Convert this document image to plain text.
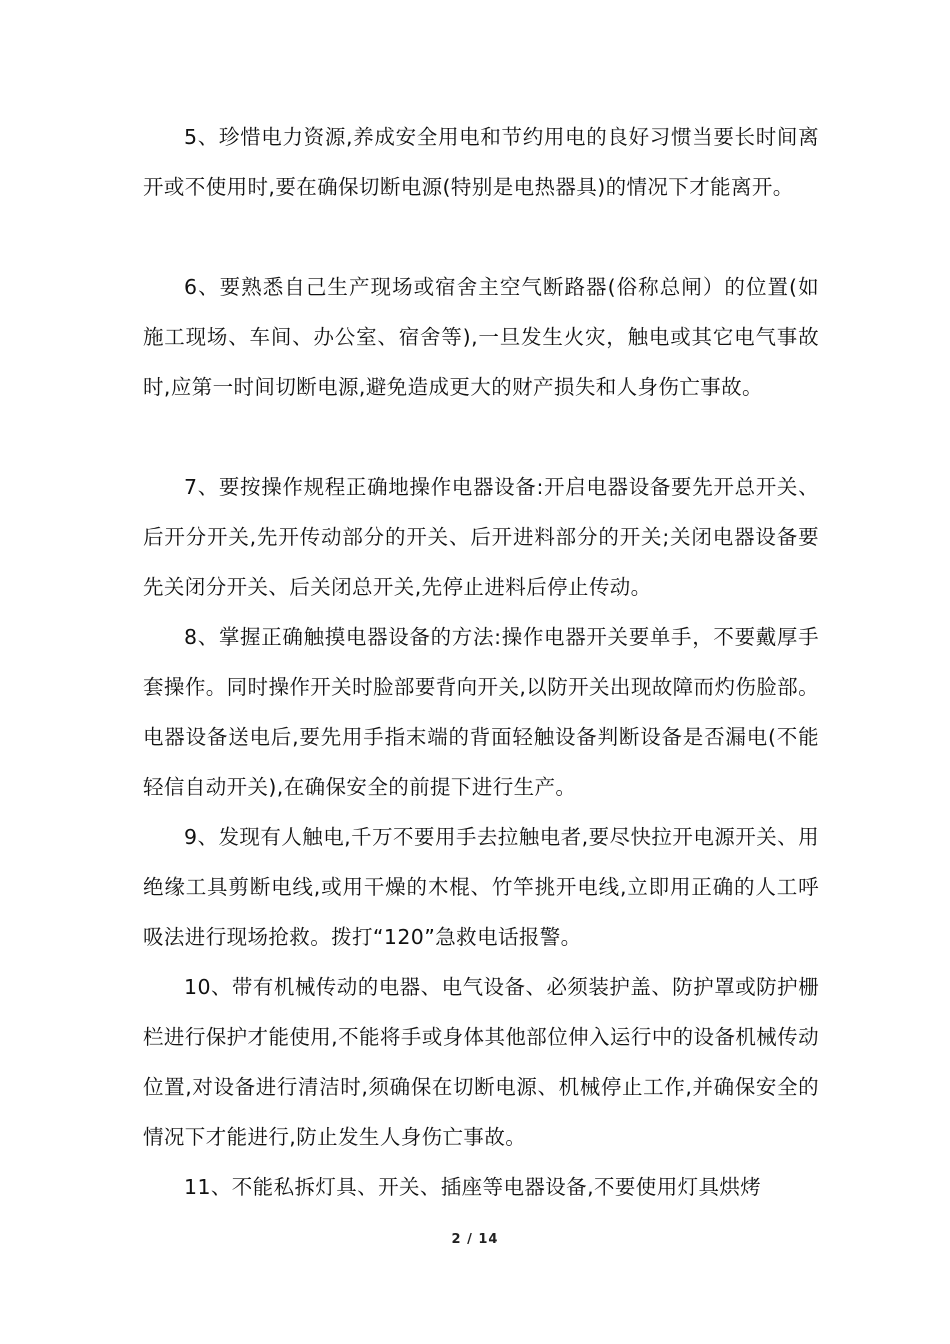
5、珍惜电力资源,养成安全用电和节约用电的良好习惯当要长时间离开或不使用时,要在确保切断电源(特别是电热器具)的情况下才能离开。

6、要熟悉自己生产现场或宿舍主空气断路器(俗称总闸）的位置(如施工现场、车间、办公室、宿舍等),一旦发生火灾，触电或其它电气事故时,应第一时间切断电源,避免造成更大的财产损失和人身伤亡事故。

7、要按操作规程正确地操作电器设备:开启电器设备要先开总开关、后开分开关,先开传动部分的开关、后开进料部分的开关;关闭电器设备要先关闭分开关、后关闭总开关,先停止进料后停止传动。

8、掌握正确触摸电器设备的方法:操作电器开关要单手，不要戴厚手套操作。同时操作开关时脸部要背向开关,以防开关出现故障而灼伤脸部。电器设备送电后,要先用手指末端的背面轻触设备判断设备是否漏电(不能轻信自动开关),在确保安全的前提下进行生产。

9、发现有人触电,千万不要用手去拉触电者,要尽快拉开电源开关、用绝缘工具剪断电线,或用干燥的木棍、竹竿挑开电线,立即用正确的人工呼吸法进行现场抢救。拨打“120”急救电话报警。

10、带有机械传动的电器、电气设备、必须装护盖、防护罩或防护栅栏进行保护才能使用,不能将手或身体其他部位伸入运行中的设备机械传动位置,对设备进行清洁时,须确保在切断电源、机械停止工作,并确保安全的情况下才能进行,防止发生人身伤亡事故。

11、不能私拆灯具、开关、插座等电器设备,不要使用灯具烘烤

2 / 14
